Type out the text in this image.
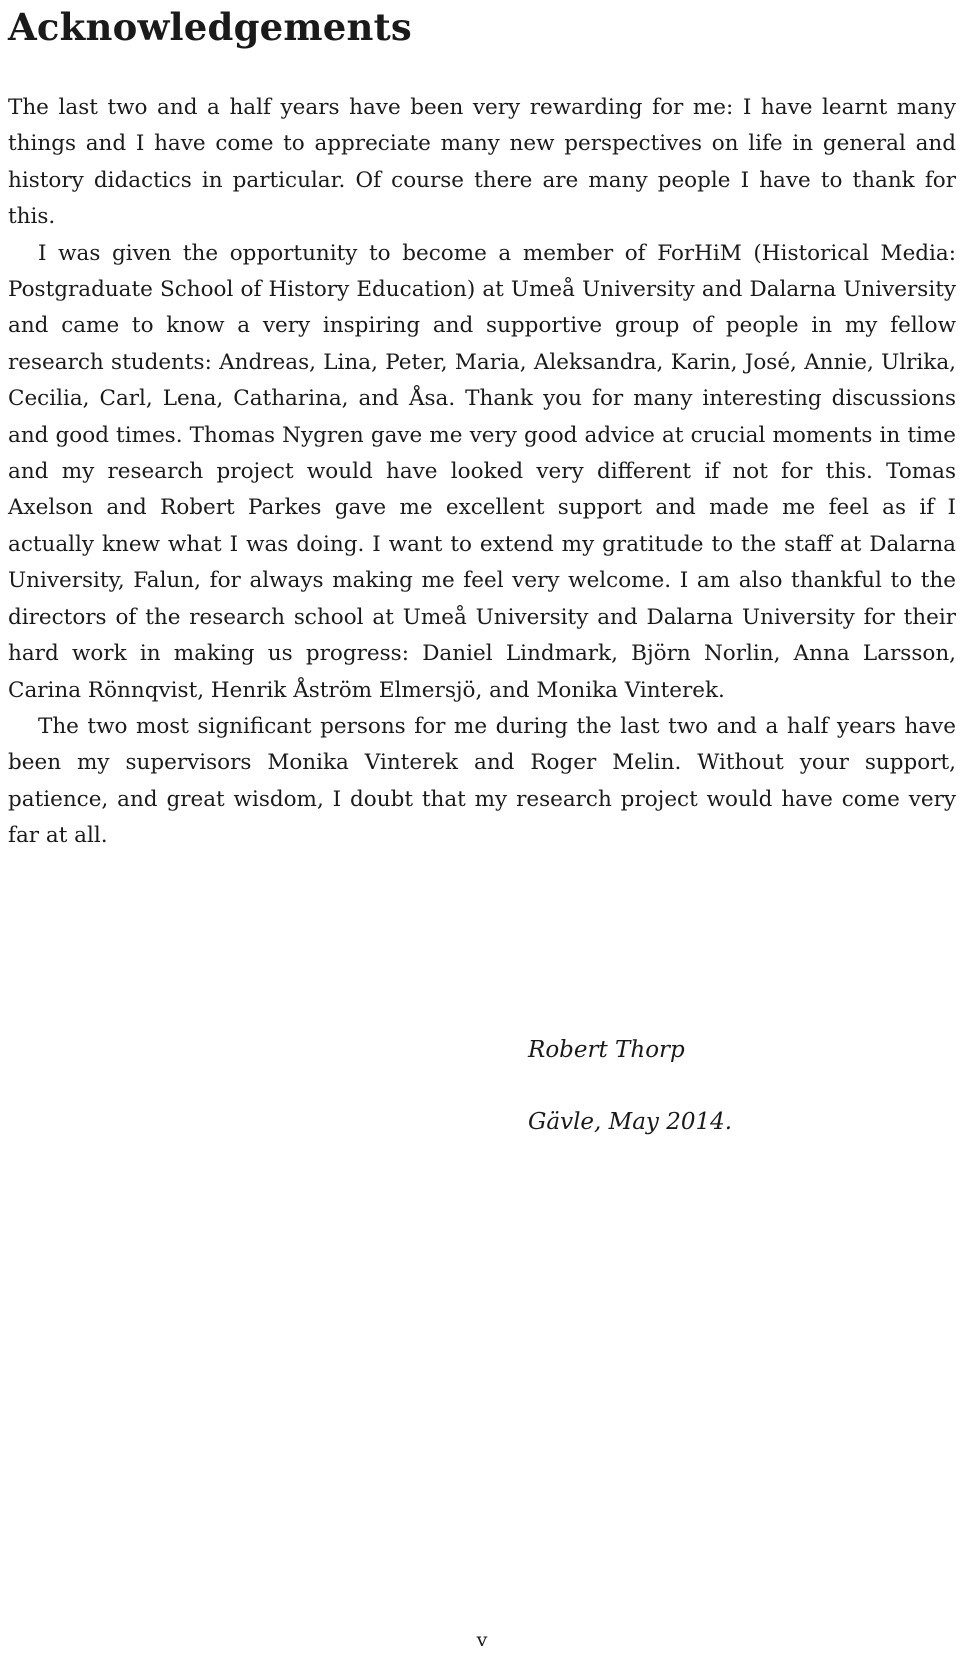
Acknowledgements

The last two and a half years have been very rewarding for me: I have learnt many things and I have come to appreciate many new perspectives on life in general and history didactics in particular. Of course there are many people I have to thank for this.

I was given the opportunity to become a member of ForHiM (Historical Media: Postgraduate School of History Education) at Umeå University and Dalarna University and came to know a very inspiring and supportive group of people in my fellow research students: Andreas, Lina, Peter, Maria, Aleksandra, Karin, José, Annie, Ulrika, Cecilia, Carl, Lena, Catharina, and Åsa. Thank you for many interesting discussions and good times. Thomas Nygren gave me very good advice at crucial moments in time and my research project would have looked very different if not for this. Tomas Axelson and Robert Parkes gave me excellent support and made me feel as if I actually knew what I was doing. I want to extend my gratitude to the staff at Dalarna University, Falun, for always making me feel very welcome. I am also thankful to the directors of the research school at Umeå University and Dalarna University for their hard work in making us progress: Daniel Lindmark, Björn Norlin, Anna Larsson, Carina Rönnqvist, Henrik Åström Elmersjö, and Monika Vinterek.

The two most significant persons for me during the last two and a half years have been my supervisors Monika Vinterek and Roger Melin. Without your support, patience, and great wisdom, I doubt that my research project would have come very far at all.

Robert Thorp
Gävle, May 2014.
v
